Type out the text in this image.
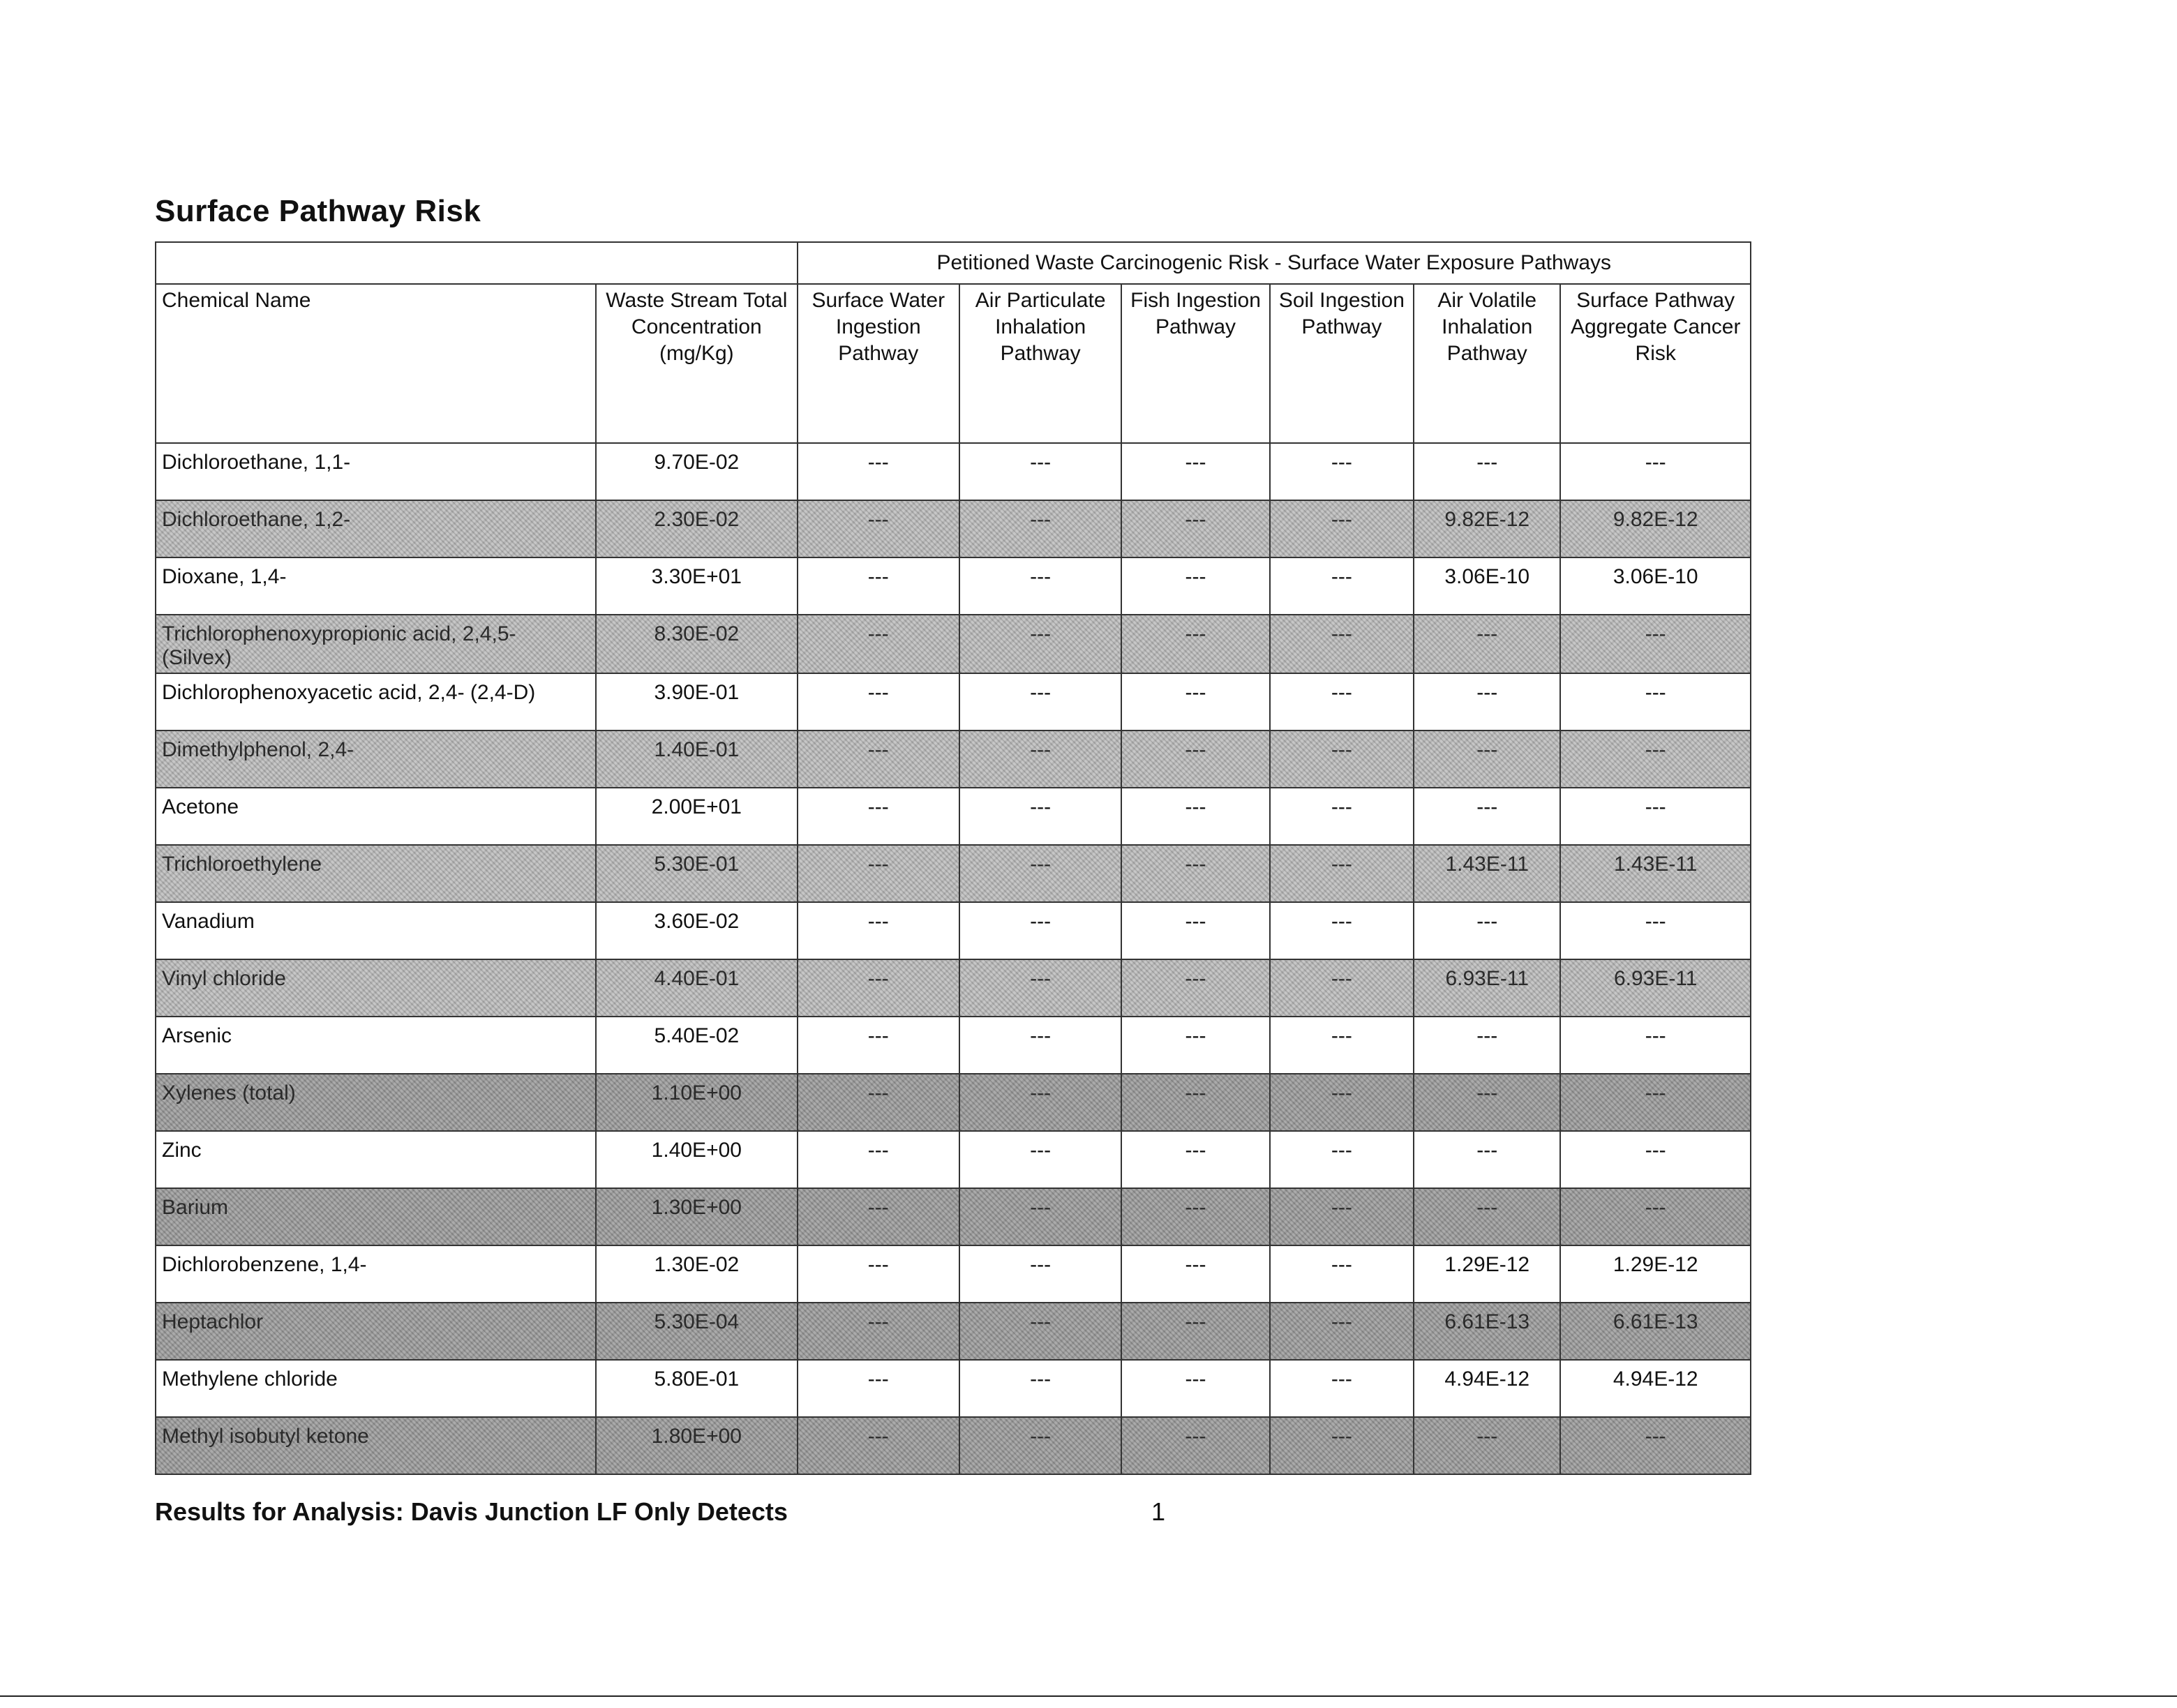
Surface Pathway Risk
		Petitioned Waste Carcinogenic Risk - Surface Water Exposure Pathways					
Chemical Name	Waste Stream Total Concentration (mg/Kg)	Surface Water Ingestion Pathway	Air Particulate Inhalation Pathway	Fish Ingestion Pathway	Soil Ingestion Pathway	Air Volatile Inhalation Pathway	Surface Pathway Aggregate Cancer Risk
Dichloroethane, 1,1-	9.70E-02	---	---	---	---	---	---
Dichloroethane, 1,2-	2.30E-02	---	---	---	---	9.82E-12	9.82E-12
Dioxane, 1,4-	3.30E+01	---	---	---	---	3.06E-10	3.06E-10
Trichlorophenoxypropionic acid, 2,4,5- (Silvex)	8.30E-02	---	---	---	---	---	---
Dichlorophenoxyacetic acid, 2,4- (2,4-D)	3.90E-01	---	---	---	---	---	---
Dimethylphenol, 2,4-	1.40E-01	---	---	---	---	---	---
Acetone	2.00E+01	---	---	---	---	---	---
Trichloroethylene	5.30E-01	---	---	---	---	1.43E-11	1.43E-11
Vanadium	3.60E-02	---	---	---	---	---	---
Vinyl chloride	4.40E-01	---	---	---	---	6.93E-11	6.93E-11
Arsenic	5.40E-02	---	---	---	---	---	---
Xylenes (total)	1.10E+00	---	---	---	---	---	---
Zinc	1.40E+00	---	---	---	---	---	---
Barium	1.30E+00	---	---	---	---	---	---
Dichlorobenzene, 1,4-	1.30E-02	---	---	---	---	1.29E-12	1.29E-12
Heptachlor	5.30E-04	---	---	---	---	6.61E-13	6.61E-13
Methylene chloride	5.80E-01	---	---	---	---	4.94E-12	4.94E-12
Methyl isobutyl ketone	1.80E+00	---	---	---	---	---	---
Results for Analysis: Davis Junction LF Only Detects	1
